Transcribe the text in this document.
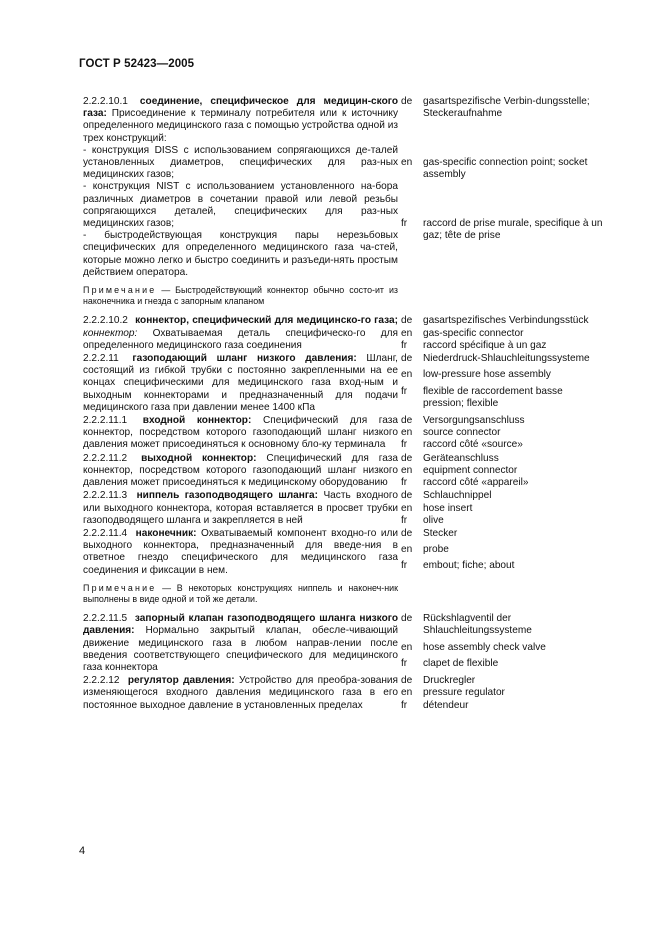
ГОСТ Р 52423—2005

2.2.2.10.1 соединение, специфическое для медицин-ского газа: Присоединение к терминалу потребителя или к источнику определенного медицинского газа с помощью устройства одной из трех конструкций:

- конструкция DISS с использованием сопрягающихся де-талей установленных диаметров, специфических для раз-ных медицинских газов;

- конструкция NIST с использованием установленного на-бора различных диаметров в сочетании правой или левой резьбы сопрягающихся деталей, специфических для раз-ных медицинских газов;

- быстродействующая конструкция пары нерезьбовых специфических для определенного медицинского газа ча-стей, которые можно легко и быстро соединить и разъеди-нять простым действием оператора.

de	gasartspezifische Verbin-dungsstelle; Steckeraufnahme
en	gas-specific connection point; socket assembly
fr	raccord de prise murale, specifique à un gaz; tête de prise
Примечание — Быстродействующий коннектор обычно состо-ит из наконечника и гнезда с запорным клапаном

2.2.2.10.2 коннектор, специфический для медицинско-го газа; коннектор: Охватываемая деталь специфическо-го для определенного медицинского газа соединения

de	gasartspezifisches Verbindungsstück
en	gas-specific connector
fr	raccord spécifique à un gaz

2.2.2.11 газоподающий шланг низкого давления: Шланг, состоящий из гибкой трубки с постоянно закрепленными на ее концах специфическими для медицинского газа вход-ным и выходным коннекторами и предназначенный для подачи медицинского газа при давлении менее 1400 кПа

de	Niederdruck-Shlauchleitungssysteme
en	low-pressure hose assembly
fr	flexible de raccordement basse pression; flexible

2.2.2.11.1 входной коннектор: Специфический для газа коннектор, посредством которого газоподающий шланг низкого давления может присоединяться к основному бло-ку терминала

de	Versorgungsanschluss
en	source connector
fr	raccord côté «source»

2.2.2.11.2 выходной коннектор: Специфический для газа коннектор, посредством которого газоподающий шланг низкого давления может присоединяться к медицинскому оборудованию

de	Geräteanschluss
en	equipment connector
fr	raccord côté «appareil»

2.2.2.11.3 ниппель газоподводящего шланга: Часть входного или выходного коннектора, которая вставляется в просвет трубки газоподводящего шланга и закрепляется в ней

de	Schlauchnippel
en	hose insert
fr	olive

2.2.2.11.4 наконечник: Охватываемый компонент входно-го или выходного коннектора, предназначенный для введе-ния в ответное гнездо специфического для медицинского газа соединения и фиксации в нем.

de	Stecker
en	probe
fr	embout; fiche; about
Примечание — В некоторых конструкциях ниппель и наконеч-ник выполнены в виде одной и той же детали.

2.2.2.11.5 запорный клапан газоподводящего шланга низкого давления: Нормально закрытый клапан, обесле-чивающий движение медицинского газа в любом направ-лении после введения соответствующего специфического для медицинского газа коннектора

de	Rückshlagventil der Shlauchleitungssysteme
en	hose assembly check valve
fr	clapet de flexible

2.2.2.12 регулятор давления: Устройство для преобра-зования изменяющегося входного давления медицинского газа в его постоянное выходное давление в установленных пределах

de	Druckregler
en	pressure regulator
fr	détendeur
4
